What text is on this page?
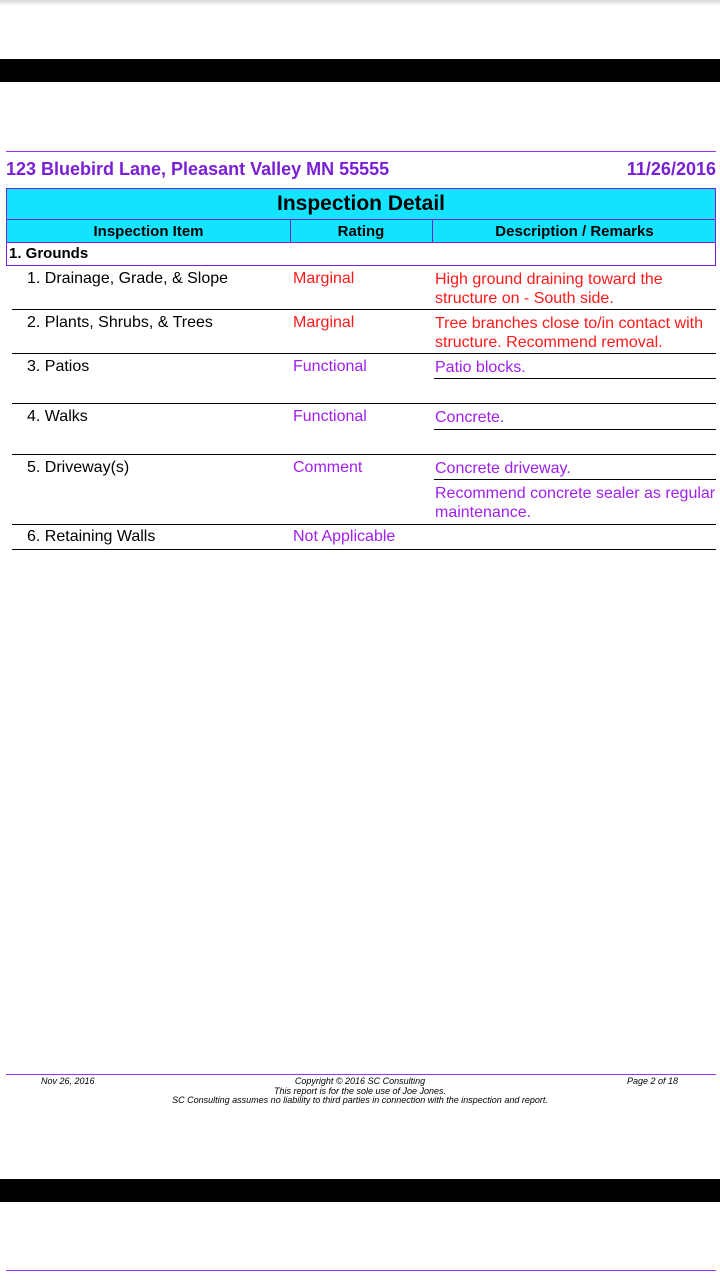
123 Bluebird Lane, Pleasant Valley MN 55555	11/26/2016
Inspection Detail
Inspection Item	Rating	Description / Remarks
1. Grounds
1. Drainage, Grade, & Slope	Marginal	High ground draining toward the structure on - South side.
2. Plants, Shrubs, & Trees	Marginal	Tree branches close to/in contact with structure. Recommend removal.
3. Patios	Functional	Patio blocks.
4. Walks	Functional	Concrete.
5. Driveway(s)	Comment	Concrete driveway.
Recommend concrete sealer as regular maintenance.
6. Retaining Walls	Not Applicable
Nov 26, 2016	Copyright © 2016 SC Consulting
This report is for the sole use of Joe Jones.
SC Consulting assumes no liability to third parties in connection with the inspection and report.
Page 2 of 18
